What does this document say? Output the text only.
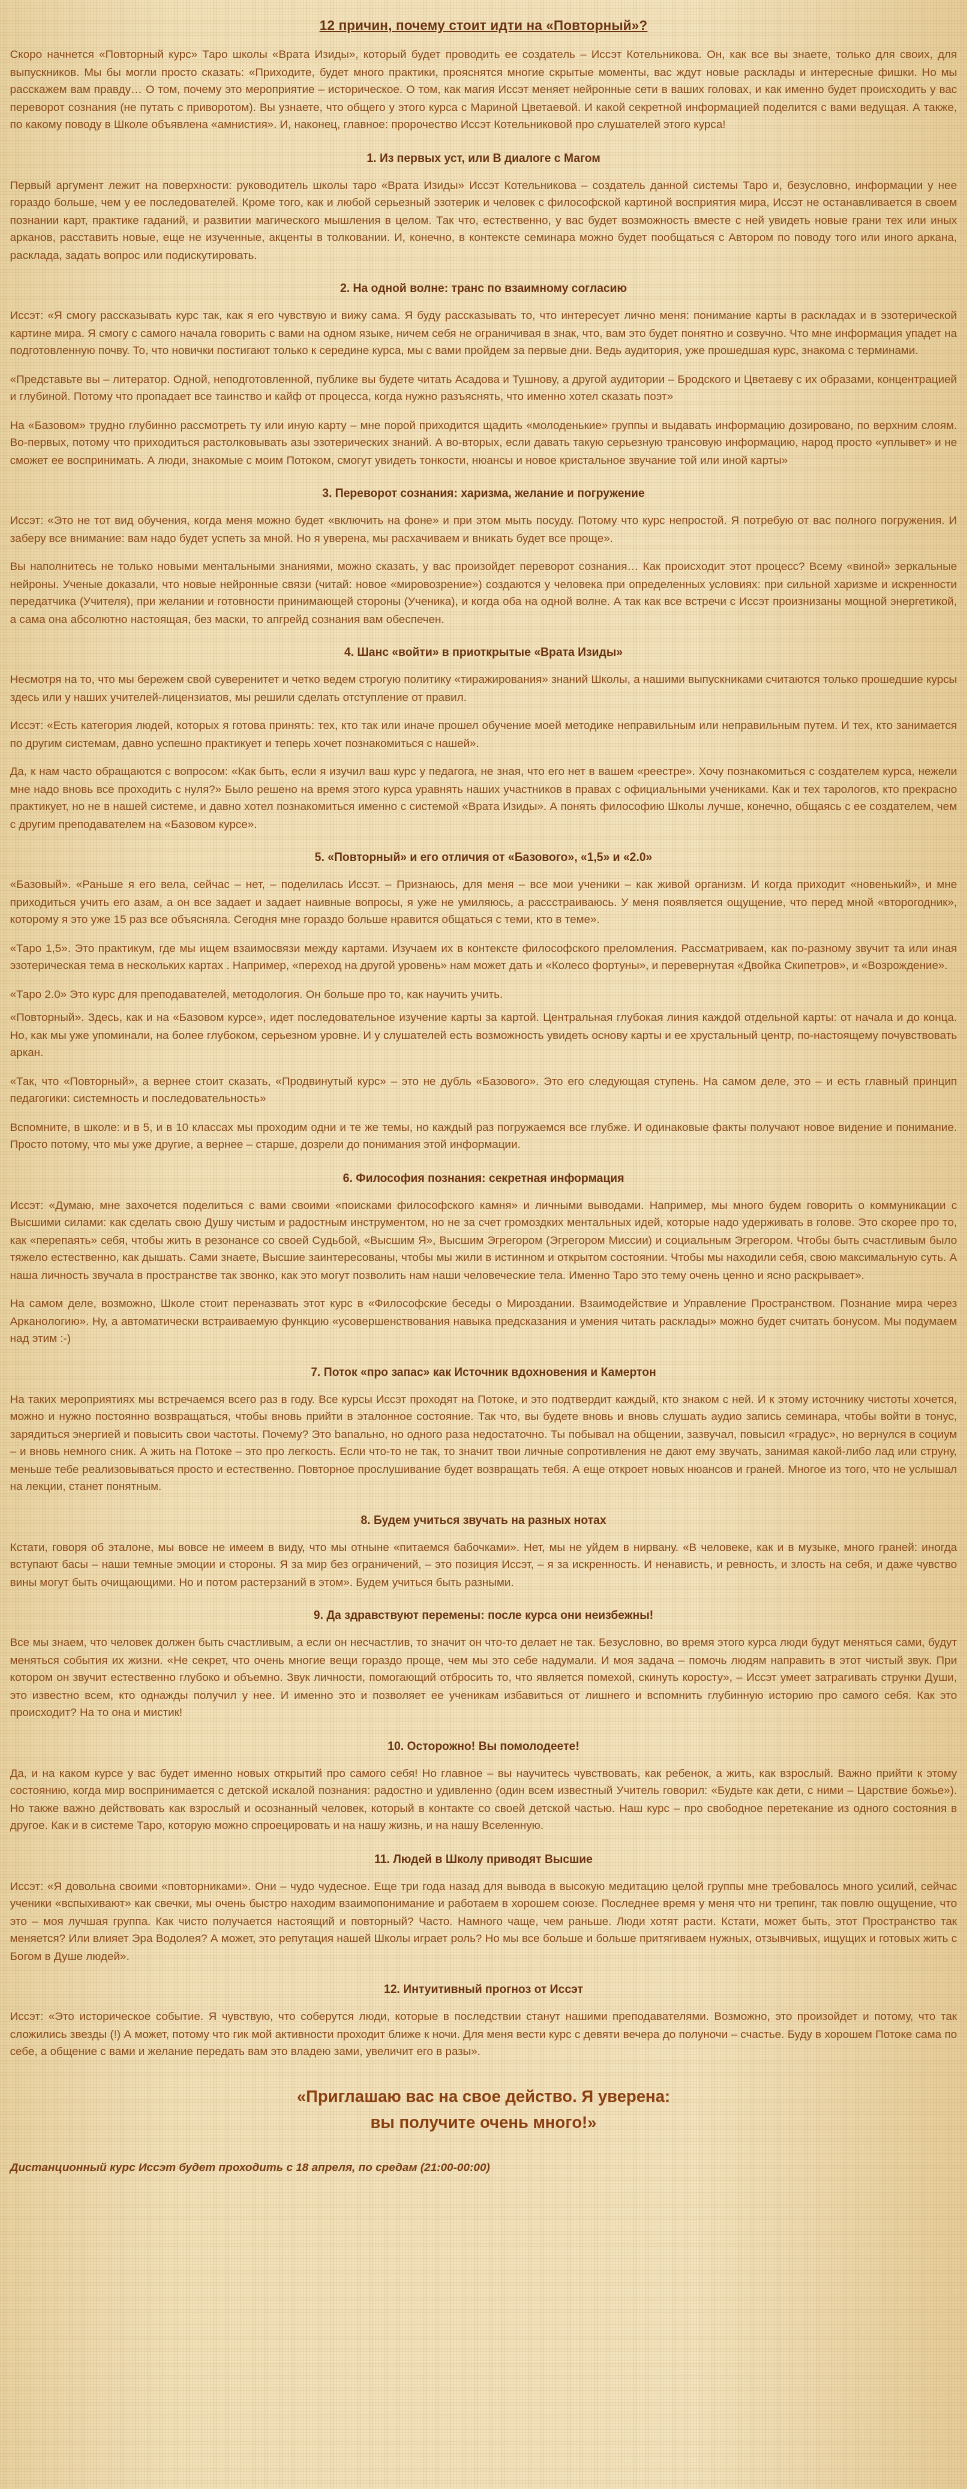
12 причин, почему стоит идти на «Повторный»?

Скоро начнется «Повторный курс» Таро школы «Врата Изиды», который будет проводить ее создатель – Иссэт Котельникова. Он, как все вы знаете, только для своих, для выпускников. Мы бы могли просто сказать: «Приходите, будет много практики, прояснятся многие скрытые моменты, вас ждут новые расклады и интересные фишки. Но мы расскажем вам правду… О том, почему это мероприятие – историческое. О том, как магия Иссэт меняет нейронные сети в ваших головах, и как именно будет происходить у вас переворот сознания (не путать с приворотом). Вы узнаете, что общего у этого курса с Мариной Цветаевой. И какой секретной информацией поделится с вами ведущая. А также, по какому поводу в Школе объявлена «амнистия». И, наконец, главное: пророчество Иссэт Котельниковой про слушателей этого курса!

1. Из первых уст, или В диалоге с Магом

Первый аргумент лежит на поверхности: руководитель школы таро «Врата Изиды» Иссэт Котельникова – создатель данной системы Таро и, безусловно, информации у нее гораздо больше, чем у ее последователей. Кроме того, как и любой серьезный эзотерик и человек с философской картиной восприятия мира, Иссэт не останавливается в своем познании карт, практике гаданий, и развитии магического мышления в целом. Так что, естественно, у вас будет возможность вместе с ней увидеть новые грани тех или иных арканов, расставить новые, еще не изученные, акценты в толковании. И, конечно, в контексте семинара можно будет пообщаться с Автором по поводу того или иного аркана, расклада, задать вопрос или подискутировать.

2. На одной волне: транс по взаимному согласию

Иссэт: «Я смогу рассказывать курс так, как я его чувствую и вижу сама. Я буду рассказывать то, что интересует лично меня: понимание карты в раскладах и в эзотерической картине мира. Я смогу с самого начала говорить с вами на одном языке, ничем себя не ограничивая в знак, что, вам это будет понятно и созвучно. Что мне информация упадет на подготовленную почву. То, что новички постигают только к середине курса, мы с вами пройдем за первые дни. Ведь аудитория, уже прошедшая курс, знакома с терминами.

«Представьте вы – литератор. Одной, неподготовленной, публике вы будете читать Асадова и Тушнову, а другой аудитории – Бродского и Цветаеву с их образами, концентрацией и глубиной. Потому что пропадает все таинство и кайф от процесса, когда нужно разъяснять, что именно хотел сказать поэт»

На «Базовом» трудно глубинно рассмотреть ту или иную карту – мне порой приходится щадить «молоденькие» группы и выдавать информацию дозировано, по верхним слоям. Во-первых, потому что приходиться растолковывать азы эзотерических знаний. А во-вторых, если давать такую серьезную трансовую информацию, народ просто «уплывет» и не сможет ее воспринимать. А люди, знакомые с моим Потоком, смогут увидеть тонкости, нюансы и новое кристальное звучание той или иной карты»

3. Переворот сознания: харизма, желание и погружение

Иссэт: «Это не тот вид обучения, когда меня можно будет «включить на фоне» и при этом мыть посуду. Потому что курс непростой. Я потребую от вас полного погружения. И заберу все внимание: вам надо будет успеть за мной. Но я уверена, мы расхачиваем и вникать будет все проще».

Вы наполнитесь не только новыми ментальными знаниями, можно сказать, у вас произойдет переворот сознания… Как происходит этот процесс? Всему «виной» зеркальные нейроны. Ученые доказали, что новые нейронные связи (читай: новое «мировозрение») создаются у человека при определенных условиях: при сильной харизме и искренности передатчика (Учителя), при желании и готовности принимающей стороны (Ученика), и когда оба на одной волне. А так как все встречи с Иссэт произнизаны мощной энергетикой, а сама она абсолютно настоящая, без маски, то апгрейд сознания вам обеспечен.

4. Шанс «войти» в приоткрытые «Врата Изиды»

Несмотря на то, что мы бережем свой суверенитет и четко ведем строгую политику «тиражирования» знаний Школы, а нашими выпускниками считаются только прошедшие курсы здесь или у наших учителей-лицензиатов, мы решили сделать отступление от правил.

Иссэт: «Есть категория людей, которых я готова принять: тех, кто так или иначе прошел обучение моей методике неправильным или неправильным путем. И тех, кто занимается по другим системам, давно успешно практикует и теперь хочет познакомиться с нашей».

Да, к нам часто обращаются с вопросом: «Как быть, если я изучил ваш курс у педагога, не зная, что его нет в вашем «реестре». Хочу познакомиться с создателем курса, нежели мне надо вновь все проходить с нуля?» Было решено на время этого курса уравнять наших участников в правах с официальными учениками. Как и тех тарологов, кто прекрасно практикует, но не в нашей системе, и давно хотел познакомиться именно с системой «Врата Изиды». А понять философию Школы лучше, конечно, общаясь с ее создателем, чем с другим преподавателем на «Базовом курсе».

5. «Повторный» и его отличия от «Базового», «1,5» и «2.0»

«Базовый». «Раньше я его вела, сейчас – нет, – поделилась Иссэт. – Признаюсь, для меня – все мои ученики – как живой организм. И когда приходит «новенький», и мне приходиться учить его азам, а он все задает и задает наивные вопросы, я уже не умиляюсь, а рассстраиваюсь. У меня появляется ощущение, что перед мной «второгодник», которому я это уже 15 раз все объясняла. Сегодня мне гораздо больше нравится общаться с теми, кто в теме».

«Таро 1,5». Это практикум, где мы ищем взаимосвязи между картами. Изучаем их в контексте философского преломления. Рассматриваем, как по-разному звучит та или иная эзотерическая тема в нескольких картах . Например, «переход на другой уровень» нам может дать и «Колесо фортуны», и перевернутая «Двойка Скипетров», и «Возрождение».

«Таро 2.0» Это курс для преподавателей, методология. Он больше про то, как научить учить.

«Повторный». Здесь, как и на «Базовом курсе», идет последовательное изучение карты за картой. Центральная глубокая линия каждой отдельной карты: от начала и до конца. Но, как мы уже упоминали, на более глубоком, серьезном уровне. И у слушателей есть возможность увидеть основу карты и ее хрустальный центр, по-настоящему почувствовать аркан.

«Так, что «Повторный», а вернее стоит сказать, «Продвинутый курс» – это не дубль «Базового». Это его следующая ступень. На самом деле, это – и есть главный принцип педагогики: системность и последовательность»

Вспомните, в школе: и в 5, и в 10 классах мы проходим одни и те же темы, но каждый раз погружаемся все глубже. И одинаковые факты получают новое видение и понимание. Просто потому, что мы уже другие, а вернее – старше, дозрели до понимания этой информации.

6. Философия познания: секретная информация

Иссэт: «Думаю, мне захочется поделиться с вами своими «поисками философского камня» и личными выводами. Например, мы много будем говорить о коммуникации с Высшими силами: как сделать свою Душу чистым и радостным инструментом, но не за счет громоздких ментальных идей, которые надо удерживать в голове. Это скорее про то, как «перепаять» себя, чтобы жить в резонансе со своей Судьбой, «Высшим Я», Высшим Эгрегором (Эгрегором Миссии) и социальным Эгрегором. Чтобы быть счастливым было тяжело естественно, как дышать. Сами знаете, Высшие заинтересованы, чтобы мы жили в истинном и открытом состоянии. Чтобы мы находили себя, свою максимальную суть. А наша личность звучала в пространстве так звонко, как это могут позволить нам наши человеческие тела. Именно Таро это тему очень ценно и ясно раскрывает».

На самом деле, возможно, Школе стоит переназвать этот курс в «Философские беседы о Мироздании. Взаимодействие и Управление Пространством. Познание мира через Арканологию». Ну, а автоматически встраиваемую функцию «усовершенствования навыка предсказания и умения читать расклады» можно будет считать бонусом. Мы подумаем над этим :-)

7. Поток «про запас» как Источник вдохновения и Камертон

На таких мероприятиях мы встречаемся всего раз в году. Все курсы Иссэт проходят на Потоке, и это подтвердит каждый, кто знаком с ней. И к этому источнику чистоты хочется, можно и нужно постоянно возвращаться, чтобы вновь прийти в эталонное состояние. Так что, вы будете вновь и вновь слушать аудио запись семинара, чтобы войти в тонус, зарядиться энергией и повысить свои частоты. Почему? Это banально, но одного раза недостаточно. Ты побывал на общении, зазвучал, повысил «градус», но вернулся в социум – и вновь немного сник. А жить на Потоке – это про легкость. Если что-то не так, то значит твои личные сопротивления не дают ему звучать, занимая какой-либо лад или струну, меньше тебе реализовываться просто и естественно. Повторное прослушивание будет возвращать тебя. А еще откроет новых нюансов и граней. Многое из того, что не услышал на лекции, станет понятным.

8. Будем учиться звучать на разных нотах

Кстати, говоря об эталоне, мы вовсе не имеем в виду, что мы отныне «питаемся бабочками». Нет, мы не уйдем в нирвану. «В человеке, как и в музыке, много граней: иногда вступают басы – наши темные эмоции и стороны. Я за мир без ограничений, – это позиция Иссэт, – я за искренность. И ненависть, и ревность, и злость на себя, и даже чувство вины могут быть очищающими. Но и потом растерзаний в этом». Будем учиться быть разными.

9. Да здравствуют перемены: после курса они неизбежны!

Все мы знаем, что человек должен быть счастливым, а если он несчастлив, то значит он что-то делает не так. Безусловно, во время этого курса люди будут меняться сами, будут меняться события их жизни. «Не секрет, что очень многие вещи гораздо проще, чем мы это себе надумали. И моя задача – помочь людям направить в этот чистый звук. При котором он звучит естественно глубоко и объемно. Звук личности, помогающий отбросить то, что является помехой, скинуть коросту», – Иссэт умеет затрагивать струнки Души, это известно всем, кто однажды получил у нее. И именно это и позволяет ее ученикам избавиться от лишнего и вспомнить глубинную историю про самого себя. Как это происходит? На то она и мистик!

10. Осторожно! Вы помолодеете!

Да, и на каком курсе у вас будет именно новых открытий про самого себя! Но главное – вы научитесь чувствовать, как ребенок, а жить, как взрослый. Важно прийти к этому состоянию, когда мир воспринимается с детской искалой познания: радостно и удивленно (один всем известный Учитель говорил: «Будьте как дети, с ними – Царствие божье»). Но также важно действовать как взрослый и осознанный человек, который в контакте со своей детской частью. Наш курс – про свободное перетекание из одного состояния в другое. Как и в системе Таро, которую можно спроецировать и на нашу жизнь, и на нашу Вселенную.

11. Людей в Школу приводят Высшие

Иссэт: «Я довольна своими «повторниками». Они – чудо чудесное. Еще три года назад для вывода в высокую медитацию целой группы мне требовалось много усилий, сейчас ученики «вспыхивают» как свечки, мы очень быстро находим взаимопонимание и работаем в хорошем союзе. Последнее время у меня что ни трепинг, так повлю ощущение, что это – моя лучшая группа. Как чисто получается настоящий и повторный? Часто. Намного чаще, чем раньше. Люди хотят расти. Кстати, может быть, этот Пространство так меняется? Или влияет Эра Водолея? А может, это репутация нашей Школы играет роль? Но мы все больше и больше притягиваем нужных, отзывчивых, ищущих и готовых жить с Богом в Душе людей».

12. Интуитивный прогноз от Иссэт

Иссэт: «Это историческое событие. Я чувствую, что соберутся люди, которые в последствии станут нашими преподавателями. Возможно, это произойдет и потому, что так сложились звезды (!) А может, потому что гик мой активности проходит ближе к ночи. Для меня вести курс с девяти вечера до полуночи – счастье. Буду в хорошем Потоке сама по себе, а общение с вами и желание передать вам это владею зами, увеличит его в разы».

«Приглашаю вас на свое действо. Я уверена:
вы получите очень много!»
Дистанционный курс Иссэт будет проходить с 18 апреля, по средам (21:00-00:00)
